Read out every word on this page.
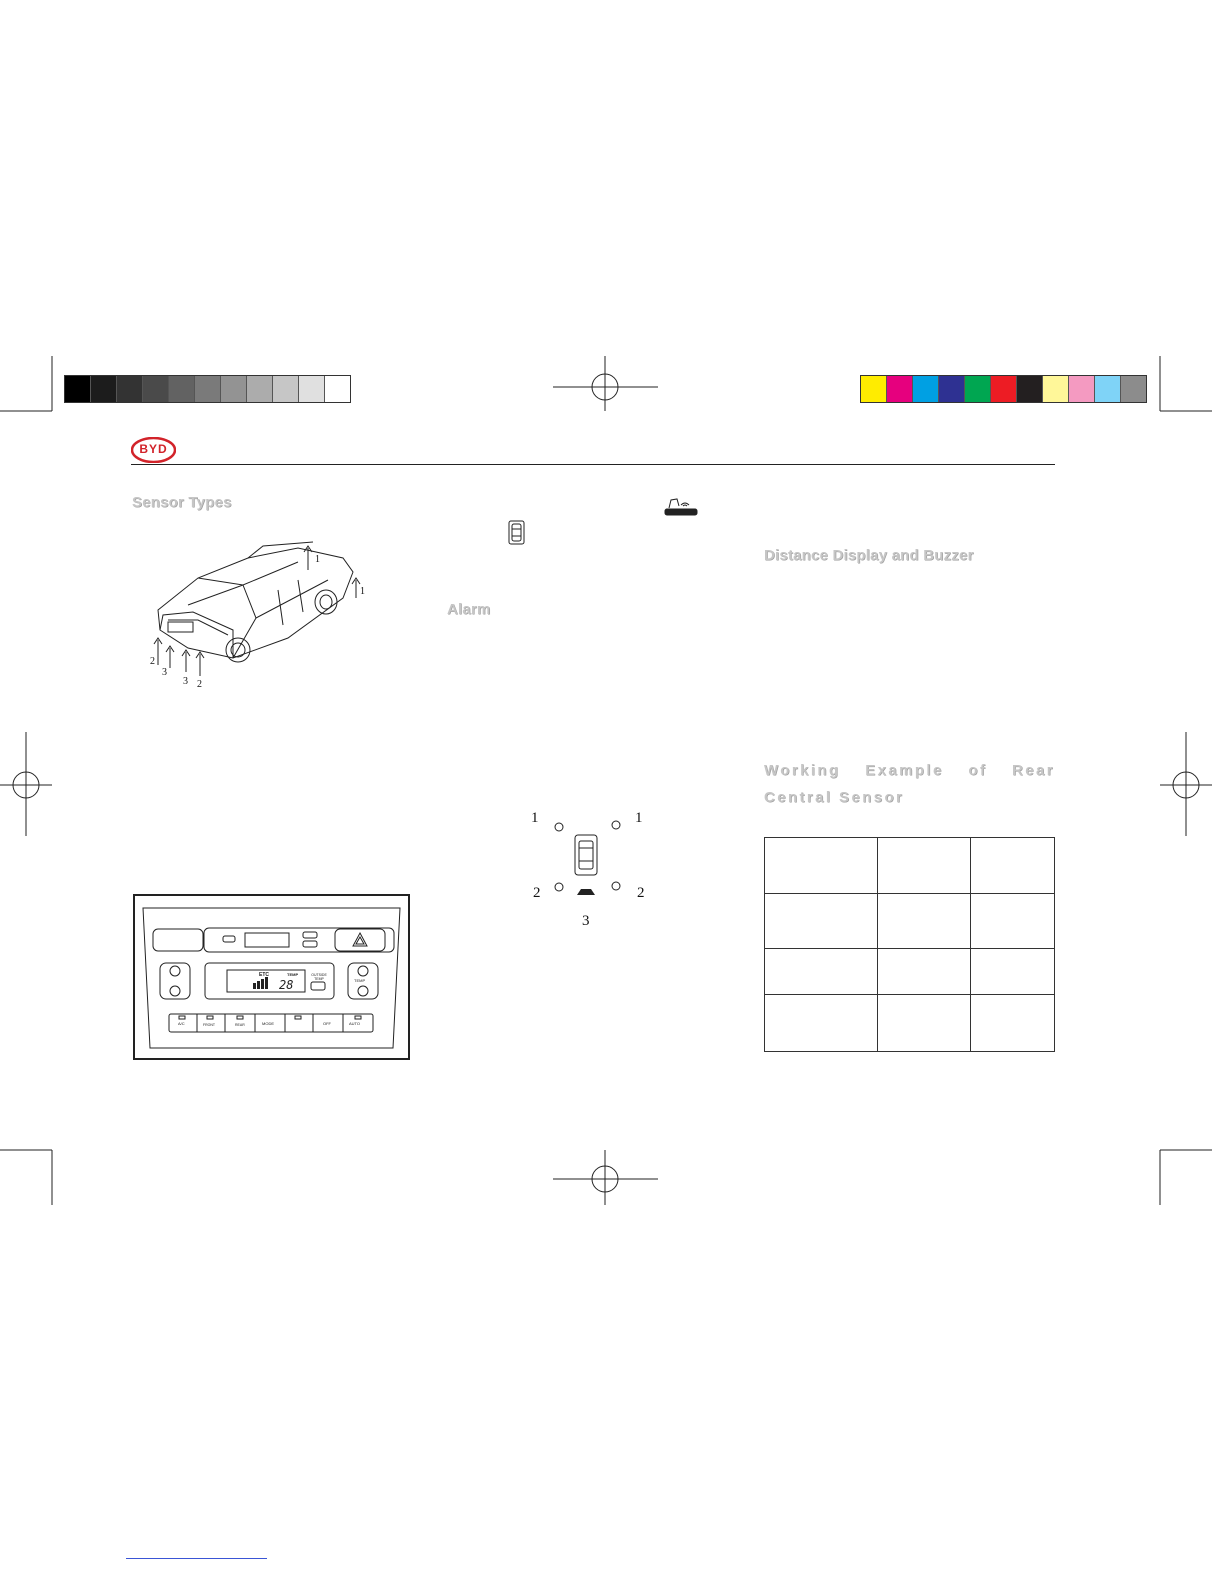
BYD
Sensor Types
1
1
2
3
3 2
ETC	TEMP
28
OUTSIDE TEMP	TEMP
A/C	FRONT	REAR	MODE	OFF	AUTO
Alarm
1	1
2	2
3
Distance Display and Buzzer
Working Example of Rear Central Sensor
